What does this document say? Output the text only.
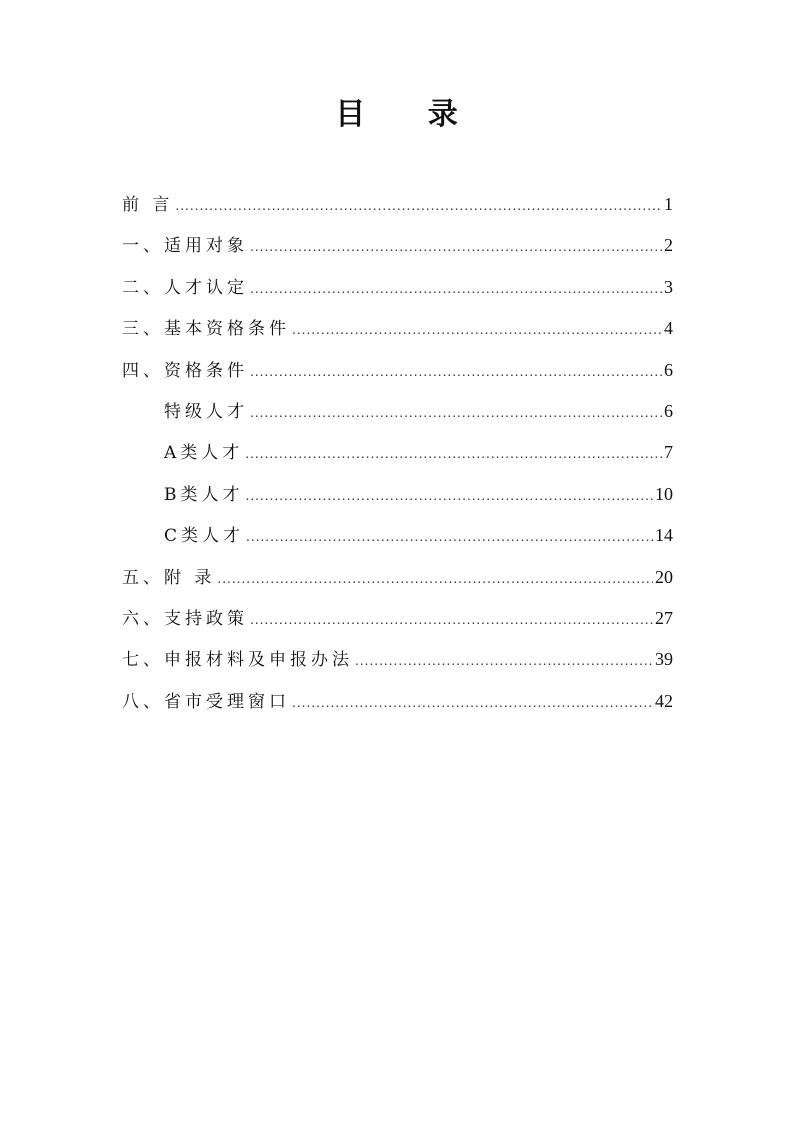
目 录
前 言 .....	1
一、适用对象 .....	2
二、人才认定 .....	3
三、基本资格条件 .....	4
四、资格条件 .....	6
特级人才 .....	6
A类人才 .....	7
B类人才 .....	10
C类人才 .....	14
五、附 录 .....	20
六、支持政策 .....	27
七、申报材料及申报办法 .....	39
八、省市受理窗口 .....	42
